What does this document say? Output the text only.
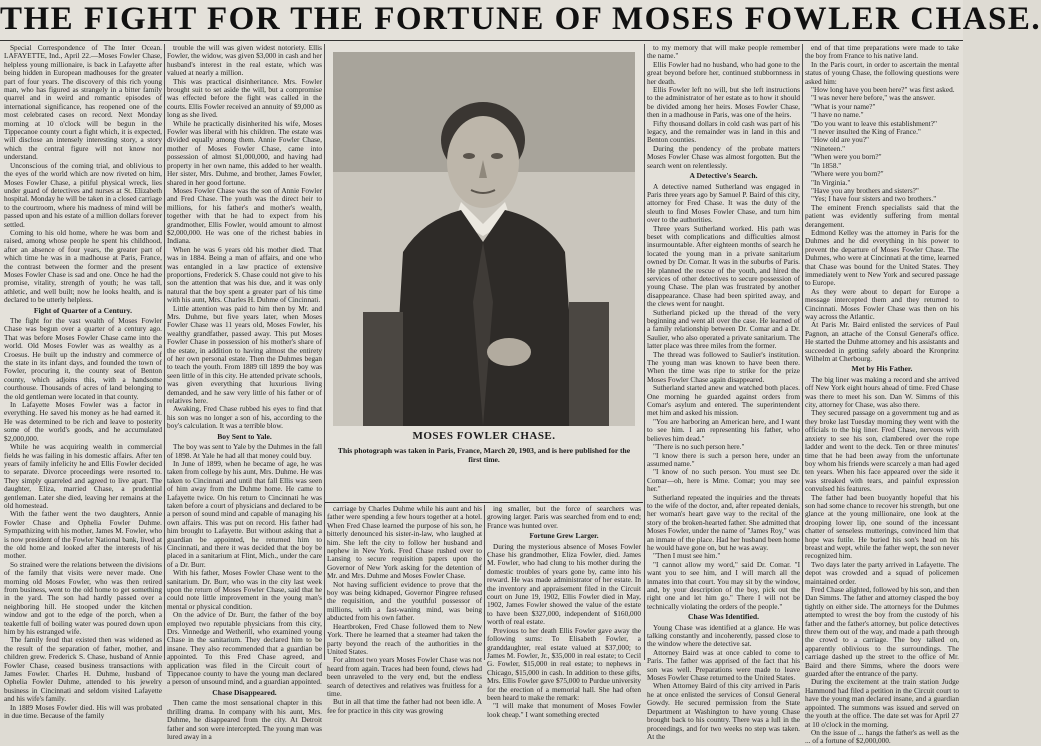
THE FIGHT FOR THE FORTUNE OF MOSES FOWLER CHASE.

Special Correspondence of The Inter Ocean. LAFAYETTE, Ind., April 22.—Moses Fowler Chase, helpless young millionaire, is back in Lafayette after being hidden in European madhouses for the greater part of four years. The discovery of this rich young man, who has figured as strangely in a bitter family quarrel and in weird and romantic episodes of international significance, has reopened one of the most celebrated cases on record. Next Monday morning at 10 o'clock will be begun in the Tippecanoe county court a fight which, it is expected, will disclose an intensely interesting story, a story which the central figure will not know nor understand.

Unconscious of the coming trial, and oblivious to the eyes of the world which are now riveted on him, Moses Fowler Chase, a pitiful physical wreck, lies under guard of detectives and nurses at St. Elizabeth hospital. Monday he will be taken in a closed carriage to the courtroom, where his madness of mind will be passed upon and his estate of a million dollars forever settled.

Coming to his old home, where he was born and raised, among whose people he spent his childhood, after an absence of four years, the greater part of which time he was in a madhouse at Paris, France, the contrast between the former and the present Moses Fowler Chase is sad and one. Once he had the promise, vitality, strength of youth; he was tall, athletic, and well built; now he looks health, and is declared to be utterly helpless.

Fight of Quarter of a Century.

The fight for the vast wealth of Moses Fowler Chase was begun over a quarter of a century ago. That was before Moses Fowler Chase came into the world. Old Moses Fowler was as wealthy as a Croesus. He built up the industry and commerce of the state in its infant days, and founded the town of Fowler, procuring it, the county seat of Benton county, which adjoins this, with a handsome courthouse. Thousands of acres of land belonging to the old gentleman were located in that county.

In Lafayette Moses Fowler was a factor in everything. He saved his money as he had earned it. He was determined to be rich and leave to posterity some of the world's goods, and he accumulated $2,000,000.

While he was acquiring wealth in commercial fields he was failing in his domestic affairs. After ten years of family infelicity he and Ellis Fowler decided to separate. Divorce proceedings were resorted to. They simply quarreled and agreed to live apart. The daughter, Eliza, married Chase, a prudential gentleman. Later she died, leaving her remains at the old homestead.

With the father went the two daughters, Annie Fowler Chase and Ophelia Fowler Duhme. Sympathizing with his mother, James M. Fowler, who is now president of the Fowler National bank, lived at the old home and looked after the interests of his mother.

So strained were the relations between the divisions of the family that visits were never made. One morning old Moses Fowler, who was then retired from business, went to the old home to get something in the yard. The son had hardly passed over a neighboring hill. He stooped under the kitchen window and got to the edge of the porch, when a teakettle full of boiling water was poured down upon him by his estranged wife.

The family feud that existed then was widened as the result of the separation of father, mother, and children grew. Frederick S. Chase, husband of Annie Fowler Chase, ceased business transactions with James Fowler. Charles H. Duhme, husband of Ophelia Fowler Duhme, attended to his jewelry business in Cincinnati and seldom visited Lafayette and his wife's family.

In 1889 Moses Fowler died. His will was probated in due time. Because of the family

trouble the will was given widest notoriety. Ellis Fowler, the widow, was given $3,000 in cash and her husband's interest in the real estate, which was valued at nearly a million.

This was practical disinheritance. Mrs. Fowler brought suit to set aside the will, but a compromise was effected before the fight was called in the courts. Ellis Fowler received an annuity of $9,000 as long as she lived.

While he practically disinherited his wife, Moses Fowler was liberal with his children. The estate was divided equally among them. Annie Fowler Chase, mother of Moses Fowler Chase, came into possession of almost $1,000,000, and having had property in her own name, this added to her wealth. Her sister, Mrs. Duhme, and brother, James Fowler, shared in her good fortune.

Moses Fowler Chase was the son of Annie Fowler and Fred Chase. The youth was the direct heir to millions, for his father's and mother's wealth, together with that he had to expect from his grandmother, Ellis Fowler, would amount to almost $2,000,000. He was one of the richest babies in Indiana.

When he was 6 years old his mother died. That was in 1884. Being a man of affairs, and one who was entangled in a law practice of extensive proportions, Frederick S. Chase could not give to his son the attention that was his due, and it was only natural that the boy spent a greater part of his time with his aunt, Mrs. Charles H. Duhme of Cincinnati.

Little attention was paid to him then by Mr. and Mrs. Duhme, but five years later, when Moses Fowler Chase was 11 years old, Moses Fowler, his wealthy grandfather, passed away. This put Moses Fowler Chase in possession of his mother's share of the estate, in addition to having almost the entirety of her own personal estate. Then the Duhmes began to teach the youth. From 1889 till 1899 the boy was seen little of in this city. He attended private schools, was given everything that luxurious living demanded, and he saw very little of his father or of relatives here.

Awaking, Fred Chase rubbed his eyes to find that his son was no longer a son of his, according to the boy's calculation. It was a terrible blow.

Boy Sent to Yale.

The boy was sent to Yale by the Duhmes in the fall of 1898. At Yale he had all that money could buy.

In June of 1899, when he became of age, he was taken from college by his aunt, Mrs. Duhme. He was taken to Cincinnati and until that fall Ellis was seen of him away from the Duhme home. He came to Lafayette twice. On his return to Cincinnati he was taken before a court of physicians and declared to be a person of sound mind and capable of managing his own affairs. This was put on record. His father had him brought to Lafayette. But without asking that a guardian be appointed, he returned him to Cincinnati, and there it was decided that the boy be placed in a sanitarium at Flint, Mich., under the care of a Dr. Burr.

With his father, Moses Fowler Chase went to the sanitarium. Dr. Burr, who was in the city last week upon the return of Moses Fowler Chase, said that he could note little improvement in the young man's mental or physical condition.

On the advice of Dr. Burr, the father of the boy employed two reputable physicians from this city, Drs. Vinnedge and Wetherill, who examined young Chase in the sanitarium. They declared him to be insane. They also recommended that a guardian be appointed. To this Fred Chase agreed, and application was filed in the Circuit court of Tippecanoe county to have the young man declared a person of unsound mind, and a guardian appointed.

Chase Disappeared.

Then came the most sensational chapter in this thrilling drama. In company with his aunt, Mrs. Duhme, he disappeared from the city. At Detroit father and son were intercepted. The young man was lured away in a

MOSES FOWLER CHASE.
This photograph was taken in Paris, France, March 20, 1903, and is here published for the first time.

carriage by Charles Duhme while his aunt and his father were spending a few hours together at a hotel. When Fred Chase learned the purpose of his son, he bitterly denounced his sister-in-law, who laughed at him. She left the city to follow her husband and nephew in New York. Fred Chase rushed over to Lansing to secure requisition papers upon the Governor of New York asking for the detention of Mr. and Mrs. Duhme and Moses Fowler Chase.

Not having sufficient evidence to prove that the boy was being kidnaped, Governor Pingree refused the requisition, and the youthful possessor of millions, with a fast-waning mind, was being abducted from his own father.

Heartbroken, Fred Chase followed them to New York. There he learned that a steamer had taken the party beyond the reach of the authorities in the United States.

For almost two years Moses Fowler Chase was not heard from again. Traces had been found, clews had been unraveled to the very end, but the endless search of detectives and relatives was fruitless for a time.

But in all that time the father had not been idle. A fee for practice in this city was growing

ing smaller, but the force of searchers was growing larger. Paris was searched from end to end; France was hunted over.

Fortune Grew Larger.

During the mysterious absence of Moses Fowler Chase his grandmother, Eliza Fowler, died. James M. Fowler, who had clung to his mother during the domestic troubles of years gone by, came into his reward. He was made administrator of her estate. In the inventory and appraisement filed in the Circuit court on June 19, 1902, Ellis Fowler died in May, 1902, James Fowler showed the value of the estate to have been $327,000, independent of $160,000 worth of real estate.

Previous to her death Ellis Fowler gave away the following sums: To Elisabeth Fowler, a granddaughter, real estate valued at $37,000; to James M. Fowler, Jr., $35,000 in real estate; to Cecil G. Fowler, $15,000 in real estate; to nephews in Chicago, $15,000 in cash. In addition to these gifts, Mrs. Ellis Fowler gave $75,000 to Purdue university for the erection of a memorial hall. She had often been heard to make the remark:

"I will make that monument of Moses Fowler look cheap." I want something erected

to my memory that will make people remember the name."

Ellis Fowler had no husband, who had gone to the great beyond before her, continued stubbornness in her death.

Ellis Fowler left no will, but she left instructions to the administrator of her estate as to how it should be divided among her heirs. Moses Fowler Chase, then in a madhouse in Paris, was one of the heirs.

Fifty thousand dollars in cold cash was part of his legacy, and the remainder was in land in this and Benton counties.

During the pendency of the probate matters Moses Fowler Chase was almost forgotten. But the search went on relentlessly.

A Detective's Search.

A detective named Sutherland was engaged in Paris three years ago by Samuel P. Baird of this city, attorney for Fred Chase. It was the duty of the sleuth to find Moses Fowler Chase, and turn him over to the authorities.

Three years Sutherland worked. His path was beset with complications and difficulties almost insurmountable. After eighteen months of search he located the young man in a private sanitarium owned by Dr. Comar. It was in the suburbs of Paris. He planned the rescue of the youth, and hired the services of other detectives to secure possession of young Chase. The plan was frustrated by another disappearance. Chase had been spirited away, and the clews went for naught.

Sutherland picked up the thread of the very beginning and went all over the case. He learned of a family relationship between Dr. Comar and a Dr. Saulier, who also operated a private sanitarium. The latter place was three miles from the former.

The thread was followed to Saulier's institution. The young man was known to have been there. When the time was ripe to strike for the prize Moses Fowler Chase again disappeared.

Sutherland started anew and watched both places. One morning he guarded against orders from Comar's asylum and entered. The superintendent met him and asked his mission.

"You are harboring an American here, and I want to see him. I am representing his father, who believes him dead."

"There is no such person here."

"I know there is such a person here, under an assumed name."

"I know of no such person. You must see Dr. Comar—oh, here is Mme. Comar; you may see her."

Sutherland repeated the inquiries and the threats to the wife of the doctor, and, after repeated denials, her woman's heart gave way to the recital of the story of the broken-hearted father. She admitted that Moses Fowler, under the name of "James Roy," was an inmate of the place. Had her husband been home he would have gone on, but he was away.

"Then I must see him."

"I cannot allow my word," said Dr. Comar. "I want you to see him, and I will march all the inmates into that court. You may sit by the window, and, by your description of the boy, pick out the right one and let him go." There I will not be technically violating the orders of the people."

Chase Was Identified.

Young Chase was identified at a glance. He was talking constantly and incoherently, passed close to the window where the detective sat.

Attorney Baird was at once cabled to come to Paris. The father was apprised of the fact that his son was well. Preparations were made to leave Moses Fowler Chase returned to the United States.

When Attorney Baird of this city arrived in Paris he at once enlisted the services of Consul General Gowdy. He secured permission from the State Department at Washington to have young Chase brought back to his country. There was a lull in the proceedings, and for two weeks no step was taken. At the

end of that time preparations were made to take the boy from France to his native land.

In the Paris court, in order to ascertain the mental status of young Chase, the following questions were asked him:

"How long have you been here?" was first asked.

"I was never here before," was the answer.

"What is your name?"

"I have no name."

"Do you want to leave this establishment?"

"I never insulted the King of France."

"How old are you?"

"Nineteen."

"When were you born?"

"In 1858."

"Where were you born?"

"In Virginia."

"Have you any brothers and sisters?"

"Yes; I have four sisters and two brothers."

The eminent French specialists said that the patient was evidently suffering from mental derangement.

Edmond Kelley was the attorney in Paris for the Duhmes and he did everything in his power to prevent the departure of Moses Fowler Chase. The Duhmes, who were at Cincinnati at the time, learned that Chase was bound for the United States. They immediately went to New York and secured passage to Europe.

As they were about to depart for Europe a message intercepted them and they returned to Cincinnati. Moses Fowler Chase was then on his way across the Atlantic.

At Paris Mr. Baird enlisted the services of Paul Pagnon, an attache of the Consul General's office. He started the Duhme attorney and his assistants and succeeded in getting safely aboard the Kronprinz Wilhelm at Cherbourg.

Met by His Father.

The big liner was making a record and she arrived off New York eight hours ahead of time. Fred Chase was there to meet his son. Dan W. Simms of this city, attorney for Chase, was also there.

They secured passage on a government tug and as they broke last Tuesday morning they went with the officials to the big liner. Fred Chase, nervous with anxiety to see his son, clambered over the rope ladder and went to the deck. Ten or three minutes' time that he had been away from the unfortunate boy whom his friends were scarcely a man had aged ten years. When his face appeared over the side it was streaked with tears, and painful expression convulsed his features.

The father had been buoyantly hopeful that his son had some chance to recover his strength, but one glance at the young millionaire, one look at the drooping lower lip, one sound of the incessant chatter of senseless mutterings, convinced him that hope was futile. He buried his son's head on his breast and wept, while the father wept, the son never recognized him.

Two days later the party arrived in Lafayette. The depot was crowded and a squad of policemen maintained order.

Fred Chase alighted, followed by his son, and then Dan Simms. The father and attorney clasped the boy tightly on either side. The attorneys for the Duhmes attempted to wrest the boy from the custody of his father and the father's attorney, but police detectives threw them out of the way, and made a path through the crowd to a carriage. The boy talked on, apparently oblivious to the surroundings. The carriage dashed up the street to the office of Mr. Baird and there Simms, where the doors were guarded after the entrance of the party.

During the excitement at the train station Judge Hammond had filed a petition in the Circuit court to have the young man declared insane, and a guardian appointed. The summons was issued and served on the youth at the office. The date set was for April 27 at 10 o'clock in the morning.

On the issue of ... hangs the father's as well as the ... of a fortune of $2,000,000.
